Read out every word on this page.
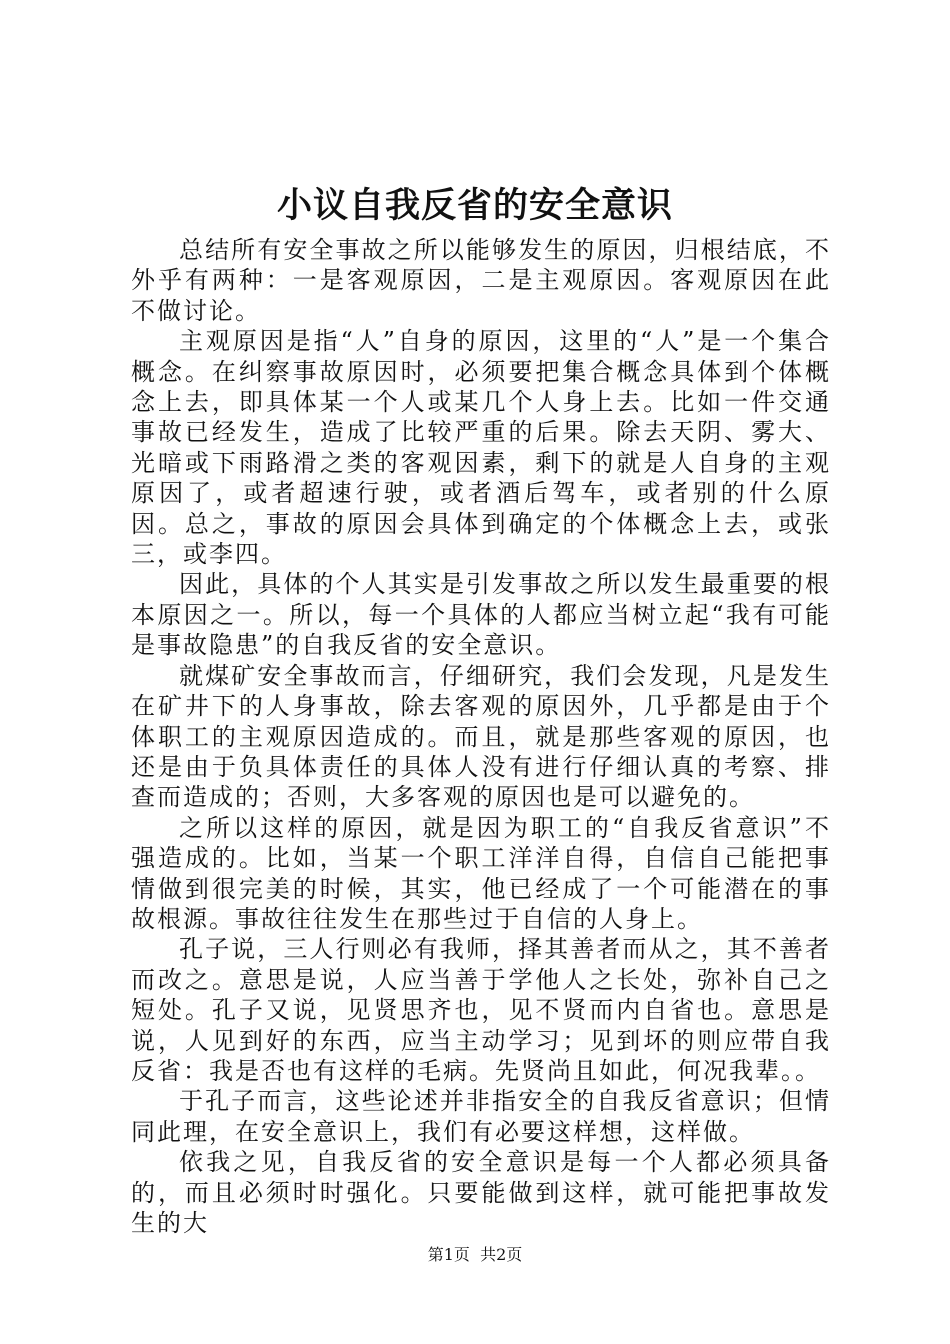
小议自我反省的安全意识

总结所有安全事故之所以能够发生的原因，归根结底，不外乎有两种：一是客观原因，二是主观原因。客观原因在此不做讨论。

主观原因是指“人”自身的原因，这里的“人”是一个集合概念。在纠察事故原因时，必须要把集合概念具体到个体概念上去，即具体某一个人或某几个人身上去。比如一件交通事故已经发生，造成了比较严重的后果。除去天阴、雾大、光暗或下雨路滑之类的客观因素，剩下的就是人自身的主观原因了，或者超速行驶，或者酒后驾车，或者别的什么原因。总之，事故的原因会具体到确定的个体概念上去，或张三，或李四。

因此，具体的个人其实是引发事故之所以发生最重要的根本原因之一。所以，每一个具体的人都应当树立起“我有可能是事故隐患”的自我反省的安全意识。

就煤矿安全事故而言，仔细研究，我们会发现，凡是发生在矿井下的人身事故，除去客观的原因外，几乎都是由于个体职工的主观原因造成的。而且，就是那些客观的原因，也还是由于负具体责任的具体人没有进行仔细认真的考察、排查而造成的；否则，大多客观的原因也是可以避免的。

之所以这样的原因，就是因为职工的“自我反省意识”不强造成的。比如，当某一个职工洋洋自得，自信自己能把事情做到很完美的时候，其实，他已经成了一个可能潜在的事故根源。事故往往发生在那些过于自信的人身上。

孔子说，三人行则必有我师，择其善者而从之，其不善者而改之。意思是说，人应当善于学他人之长处，弥补自己之短处。孔子又说，见贤思齐也，见不贤而内自省也。意思是说，人见到好的东西，应当主动学习；见到坏的则应带自我反省：我是否也有这样的毛病。先贤尚且如此，何况我辈。。

于孔子而言，这些论述并非指安全的自我反省意识；但情同此理，在安全意识上，我们有必要这样想，这样做。

依我之见，自我反省的安全意识是每一个人都必须具备的，而且必须时时强化。只要能做到这样，就可能把事故发生的大

第1页  共2页
